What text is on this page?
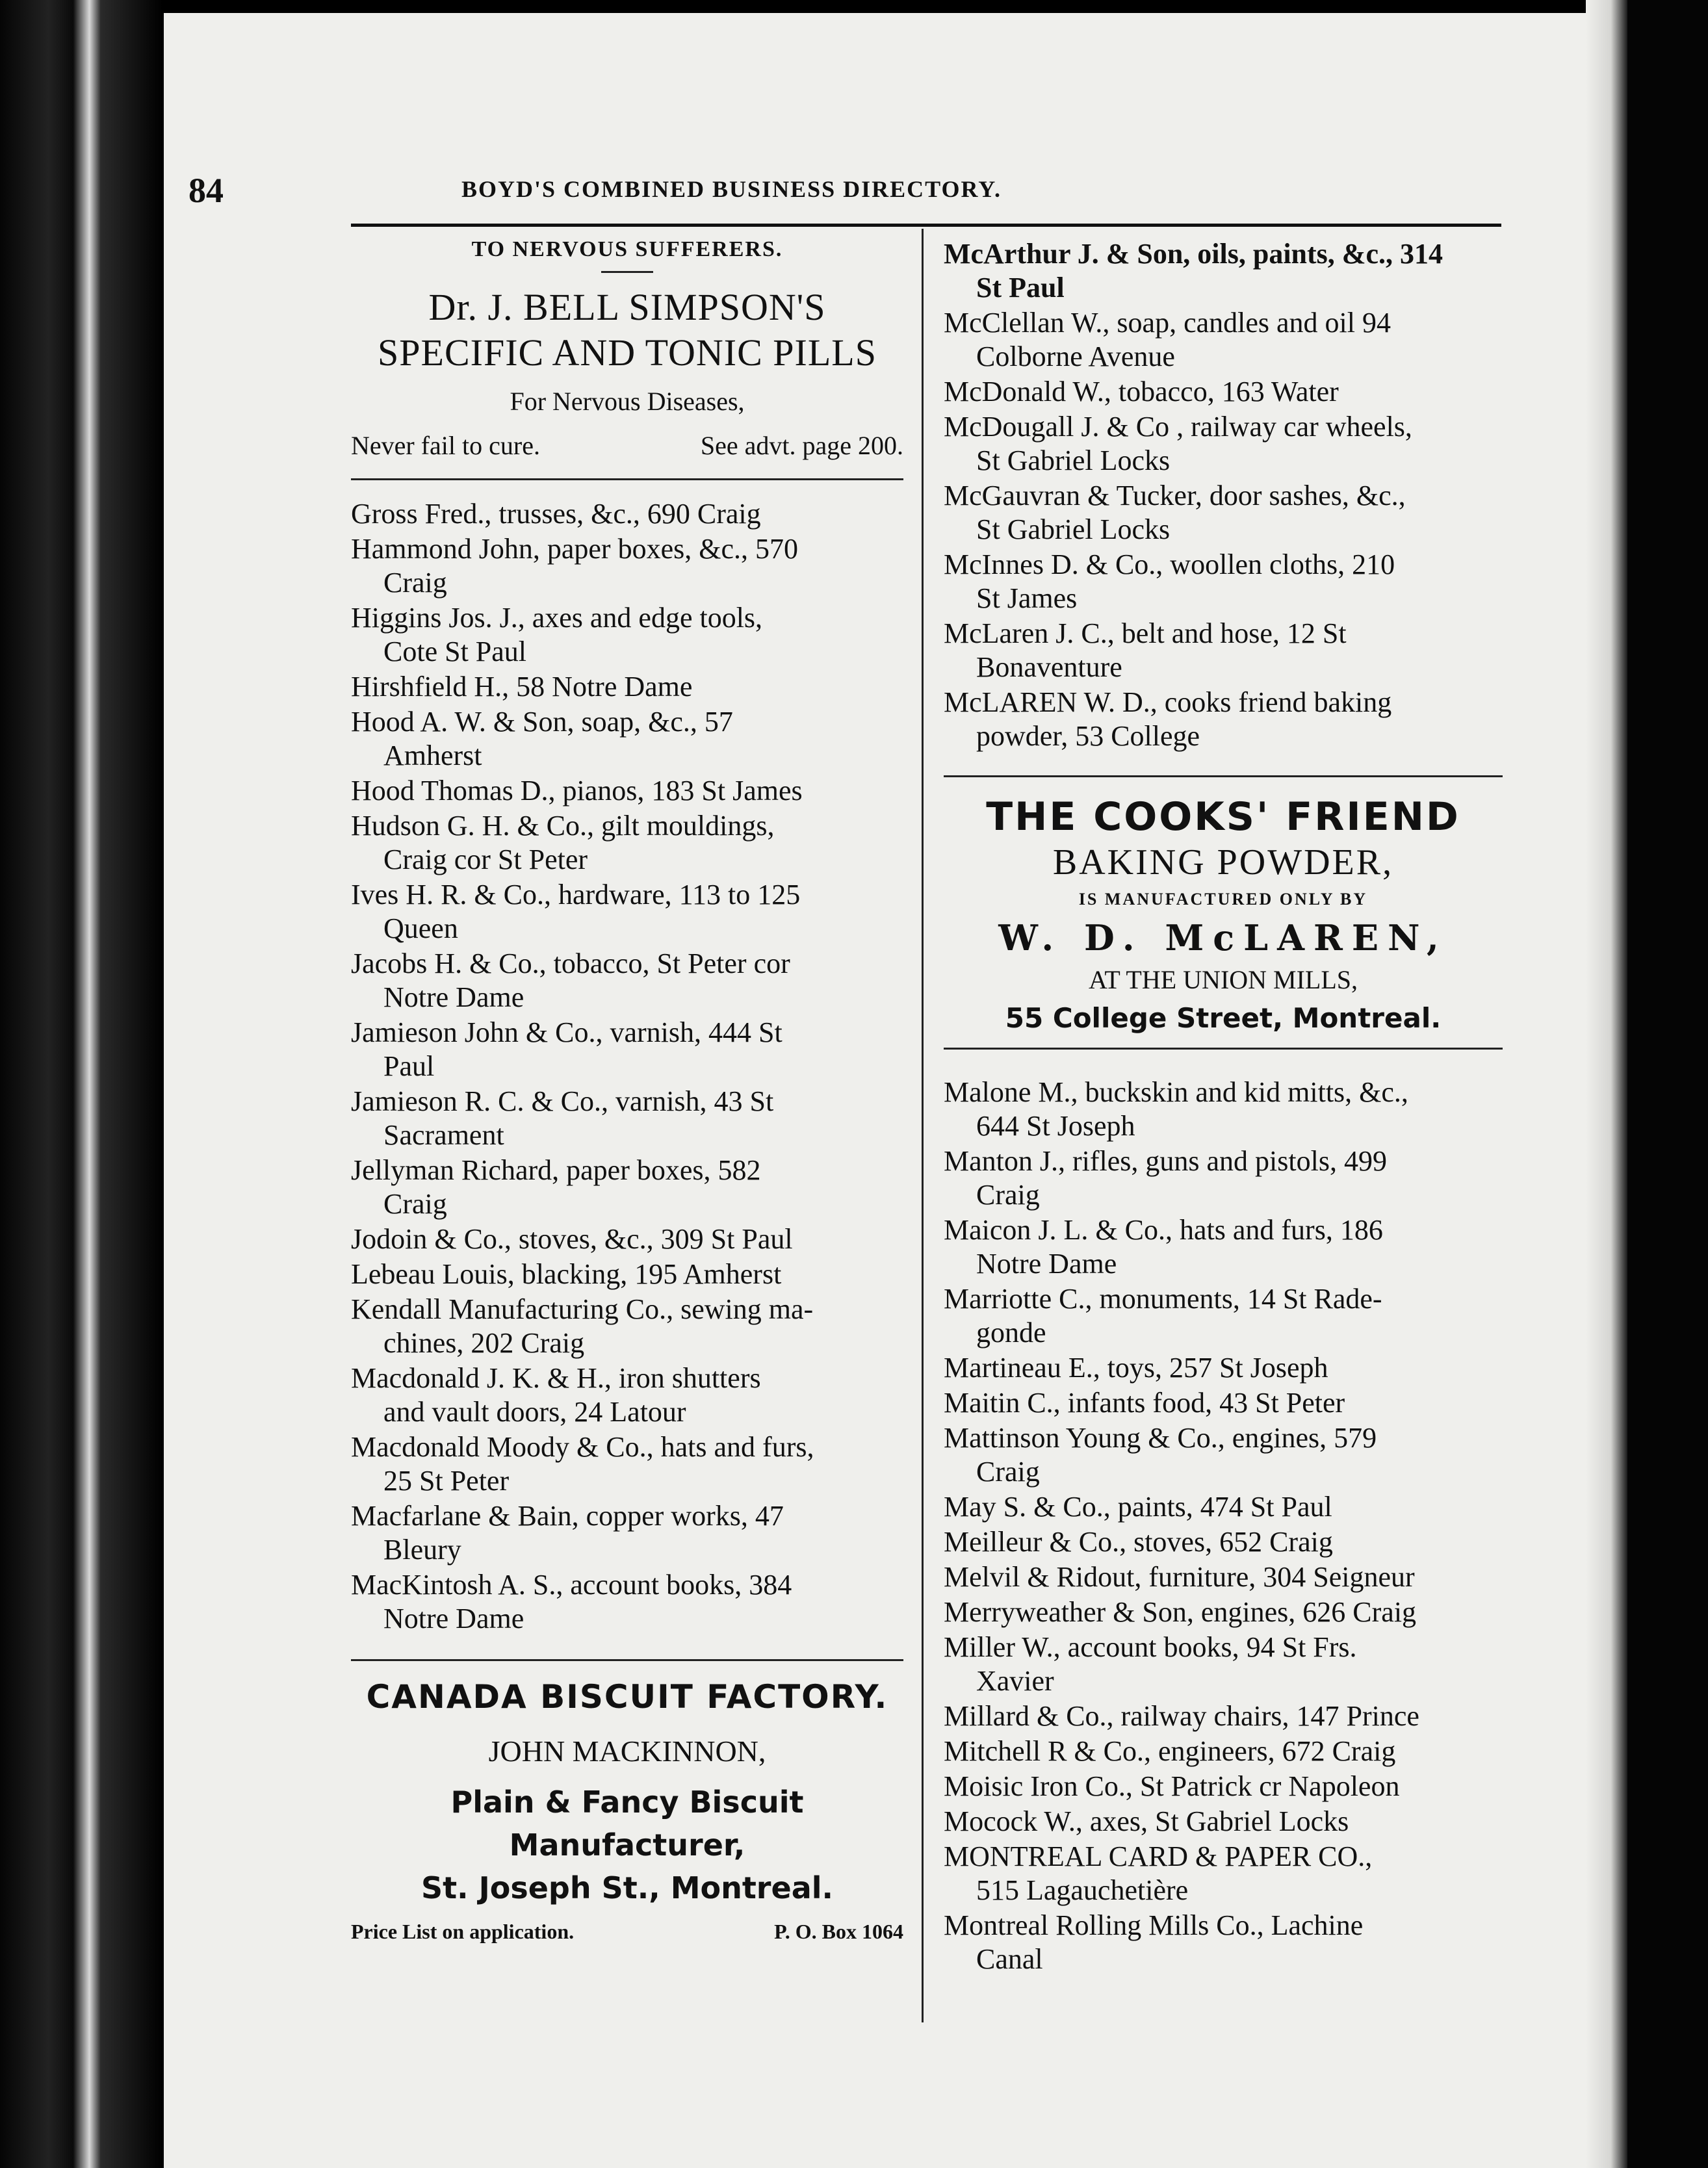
84	BOYD'S COMBINED BUSINESS DIRECTORY.
TO NERVOUS SUFFERERS.
Dr. J. BELL SIMPSON'S
SPECIFIC AND TONIC PILLS
For Nervous Diseases,
Never fail to cure.	See advt. page 200.
Gross Fred., trusses, &c., 690 Craig
Hammond John, paper boxes, &c., 570
Craig
Higgins Jos. J., axes and edge tools,
Cote St Paul
Hirshfield H., 58 Notre Dame
Hood A. W. & Son, soap, &c., 57
Amherst
Hood Thomas D., pianos, 183 St James
Hudson G. H. & Co., gilt mouldings,
Craig cor St Peter
Ives H. R. & Co., hardware, 113 to 125
Queen
Jacobs H. & Co., tobacco, St Peter cor
Notre Dame
Jamieson John & Co., varnish, 444 St
Paul
Jamieson R. C. & Co., varnish, 43 St
Sacrament
Jellyman Richard, paper boxes, 582
Craig
Jodoin & Co., stoves, &c., 309 St Paul
Lebeau Louis, blacking, 195 Amherst
Kendall Manufacturing Co., sewing ma-
chines, 202 Craig
Macdonald J. K. & H., iron shutters
and vault doors, 24 Latour
Macdonald Moody & Co., hats and furs,
25 St Peter
Macfarlane & Bain, copper works, 47
Bleury
MacKintosh A. S., account books, 384
Notre Dame
CANADA BISCUIT FACTORY.
JOHN MACKINNON,
Plain & Fancy Biscuit Manufacturer,
St. Joseph St., Montreal.
Price List on application.	P. O. Box 1064
McArthur J. & Son, oils, paints, &c., 314
St Paul
McClellan W., soap, candles and oil 94
Colborne Avenue
McDonald W., tobacco, 163 Water
McDougall J. & Co , railway car wheels,
St Gabriel Locks
McGauvran & Tucker, door sashes, &c.,
St Gabriel Locks
McInnes D. & Co., woollen cloths, 210
St James
McLaren J. C., belt and hose, 12 St
Bonaventure
McLAREN W. D., cooks friend baking
powder, 53 College
THE COOKS' FRIEND
BAKING POWDER,
IS MANUFACTURED ONLY BY
W. D. McLAREN,
AT THE UNION MILLS,
55 College Street, Montreal.
Malone M., buckskin and kid mitts, &c.,
644 St Joseph
Manton J., rifles, guns and pistols, 499
Craig
Maicon J. L. & Co., hats and furs, 186
Notre Dame
Marriotte C., monuments, 14 St Rade-
gonde
Martineau E., toys, 257 St Joseph
Maitin C., infants food, 43 St Peter
Mattinson Young & Co., engines, 579
Craig
May S. & Co., paints, 474 St Paul
Meilleur & Co., stoves, 652 Craig
Melvil & Ridout, furniture, 304 Seigneur
Merryweather & Son, engines, 626 Craig
Miller W., account books, 94 St Frs.
Xavier
Millard & Co., railway chairs, 147 Prince
Mitchell R & Co., engineers, 672 Craig
Moisic Iron Co., St Patrick cr Napoleon
Mocock W., axes, St Gabriel Locks
MONTREAL CARD & PAPER CO.,
515 Lagauchetière
Montreal Rolling Mills Co., Lachine
Canal
